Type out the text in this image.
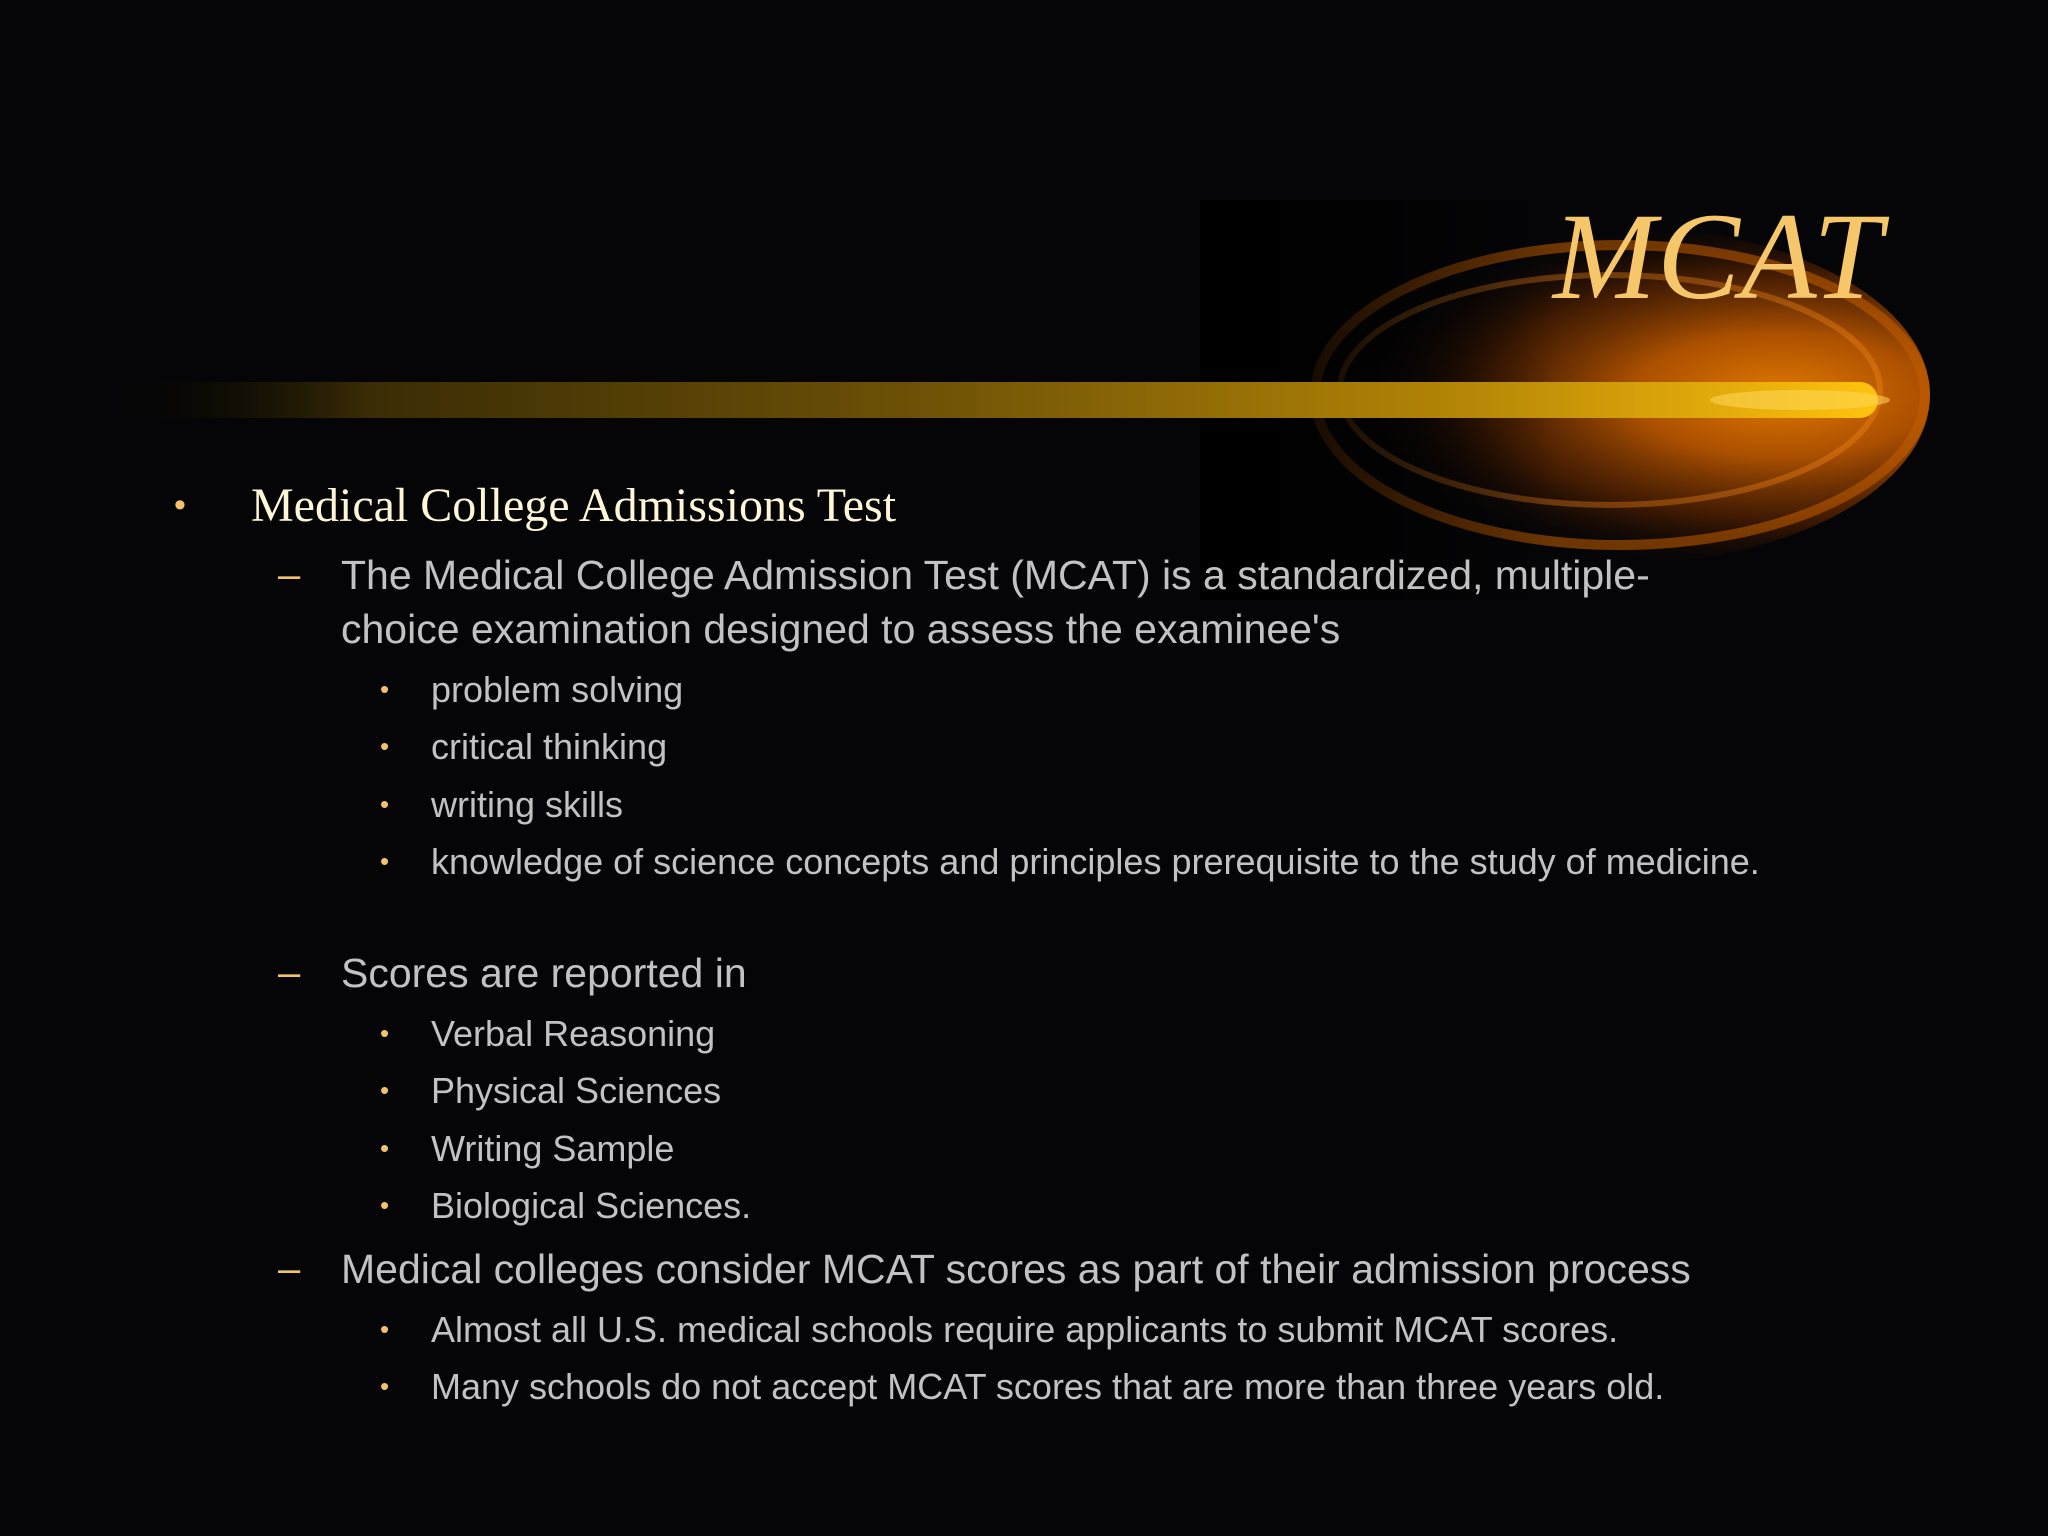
MCAT
• Medical College Admissions Test
– The Medical College Admission Test (MCAT) is a standardized, multiple-
choice examination designed to assess the examinee's
• problem solving
• critical thinking
• writing skills
• knowledge of science concepts and principles prerequisite to the study of medicine.
– Scores are reported in
• Verbal Reasoning
• Physical Sciences
• Writing Sample
• Biological Sciences.
– Medical colleges consider MCAT scores as part of their admission process
• Almost all U.S. medical schools require applicants to submit MCAT scores.
• Many schools do not accept MCAT scores that are more than three years old.
